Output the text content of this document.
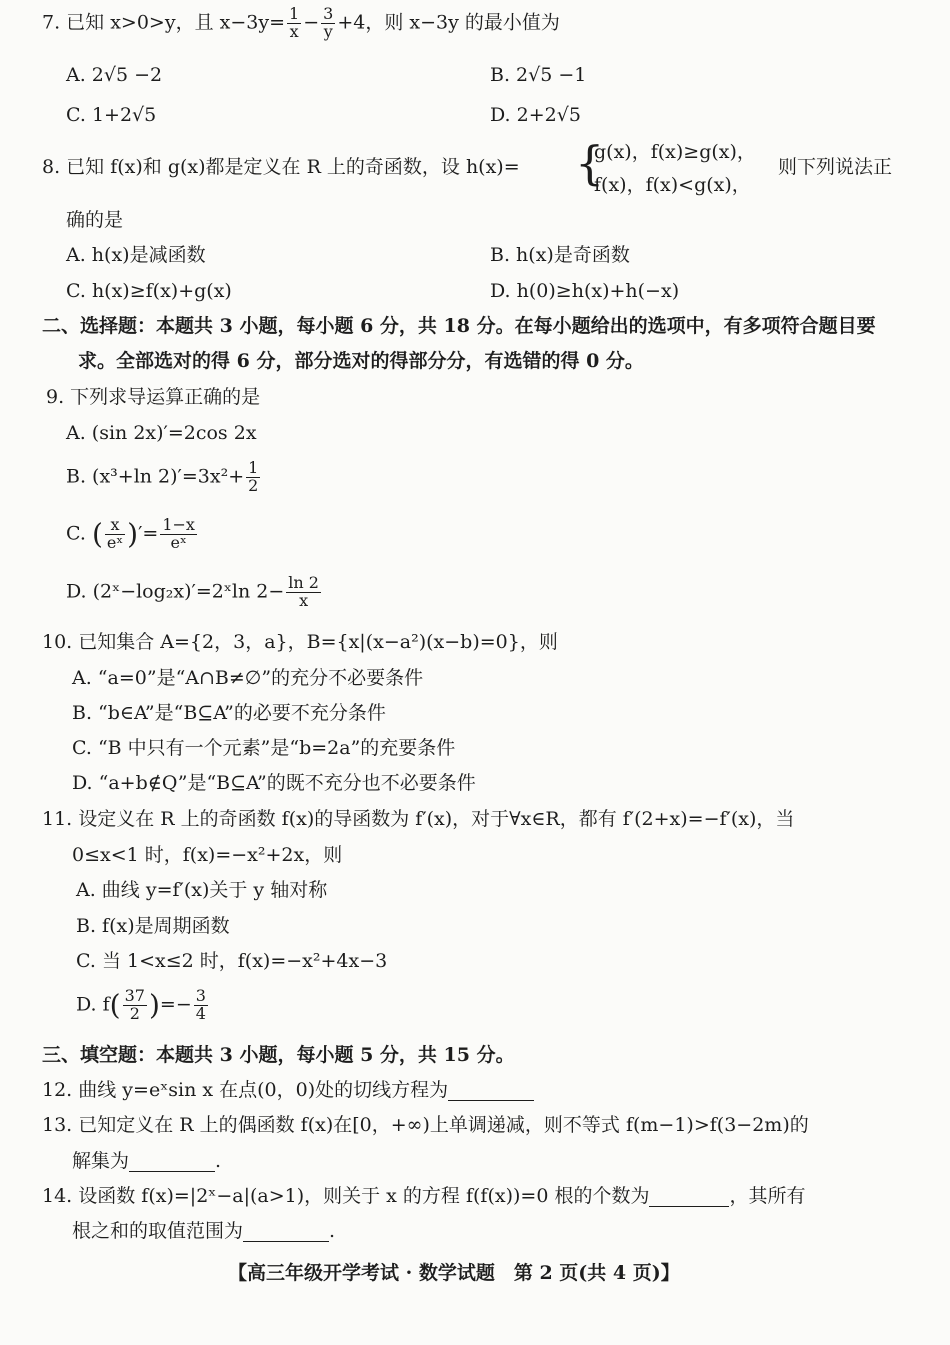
7. 已知 x>0>y，且 $x-3y= \frac{1}{x} - \frac{3}{y} +4$，则 x−3y 的最小值为
A. 2√5 −2	B. 2√5 −1
C. 1+2√5	D. 2+2√5
8. 已知 f(x)和 g(x)都是定义在 R 上的奇函数，设 h(x)= {
g(x)，f(x)≥g(x)，
f(x)，f(x)<g(x)，
则下列说法正
确的是
A. h(x)是减函数	B. h(x)是奇函数
C. h(x)≥f(x)+g(x)	D. h(0)≥h(x)+h(−x)
二、选择题：本题共 3 小题，每小题 6 分，共 18 分。在每小题给出的选项中，有多项符合题目要
求。全部选对的得 6 分，部分选对的得部分分，有选错的得 0 分。
9. 下列求导运算正确的是
A. (sin 2x)′=2cos 2x
B. (x³+ln $2)'=3x^2+ \frac{1}{2}$
C. ( $\frac{x}{\text{eˣ}}$ )′= $\frac{1-x}{\text{eˣ}}$
D. (2ˣ−log₂x)′=2ˣln $2- \frac{\ln 2}{x}$
10. 已知集合 A={2，3，a}，B={x|(x−a²)(x−b)=0}，则
A. “a=0”是“A∩B≠∅”的充分不必要条件
B. “b∈A”是“B⊆A”的必要不充分条件
C. “B 中只有一个元素”是“b=2a”的充要条件
D. “a+b∉Q”是“B⊆A”的既不充分也不必要条件
11. 设定义在 R 上的奇函数 f(x)的导函数为 f′(x)，对于∀x∈R，都有 f′(2+x)=−f′(x)，当
0≤x<1 时，f(x)=−x²+2x，则
A. 曲线 y=f′(x)关于 y 轴对称
B. f(x)是周期函数
C. 当 1<x≤2 时，f(x)=−x²+4x−3
D. $f( \frac{37}{2}$ )=− $\frac{3}{4}$
三、填空题：本题共 3 小题，每小题 5 分，共 15 分。
12. 曲线 y=eˣsin x 在点(0，0)处的切线方程为
13. 已知定义在 R 上的偶函数 f(x)在[0，+∞)上单调递减，则不等式 f(m−1)>f(3−2m)的
解集为	.
14. 设函数 f(x)=|2ˣ−a|(a>1)，则关于 x 的方程 f(f(x))=0 根的个数为	，其所有
根之和的取值范围为	.
【高三年级开学考试 · 数学试题　第 2 页(共 4 页)】
